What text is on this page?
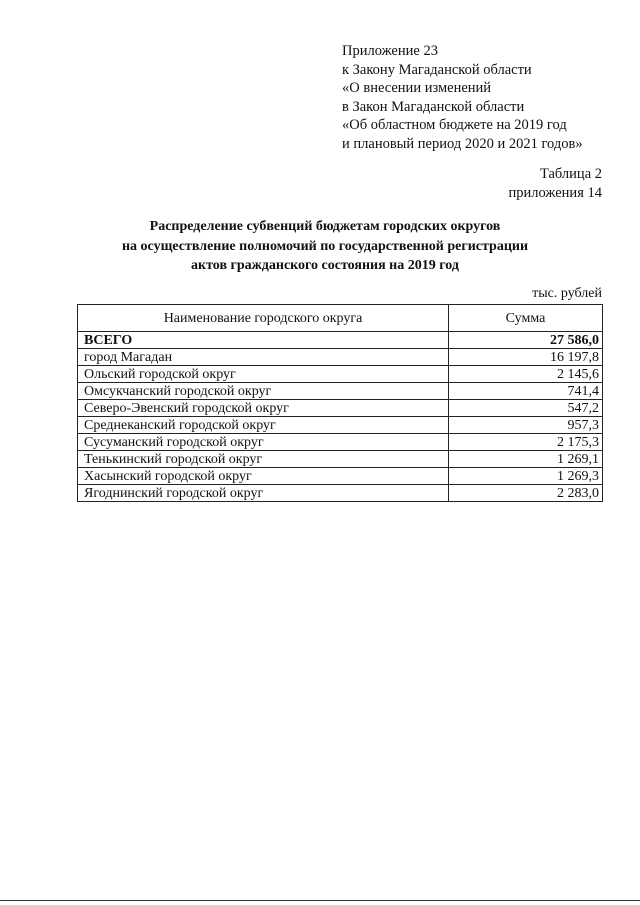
Приложение 23
к Закону Магаданской области
«О внесении изменений
в Закон Магаданской области
«Об областном бюджете на 2019 год
и плановый период 2020 и 2021 годов»
Таблица 2
приложения 14
Распределение субвенций бюджетам городских округов
на осуществление полномочий по государственной регистрации
актов гражданского состояния на 2019 год
тыс. рублей
Наименование городского округа	Сумма
ВСЕГО	27 586,0
город Магадан	16 197,8
Ольский городской округ	2 145,6
Омсукчанский городской округ	741,4
Северо-Эвенский городской округ	547,2
Среднеканский городской округ	957,3
Сусуманский городской округ	2 175,3
Тенькинский городской округ	1 269,1
Хасынский городской округ	1 269,3
Ягоднинский городской округ	2 283,0
